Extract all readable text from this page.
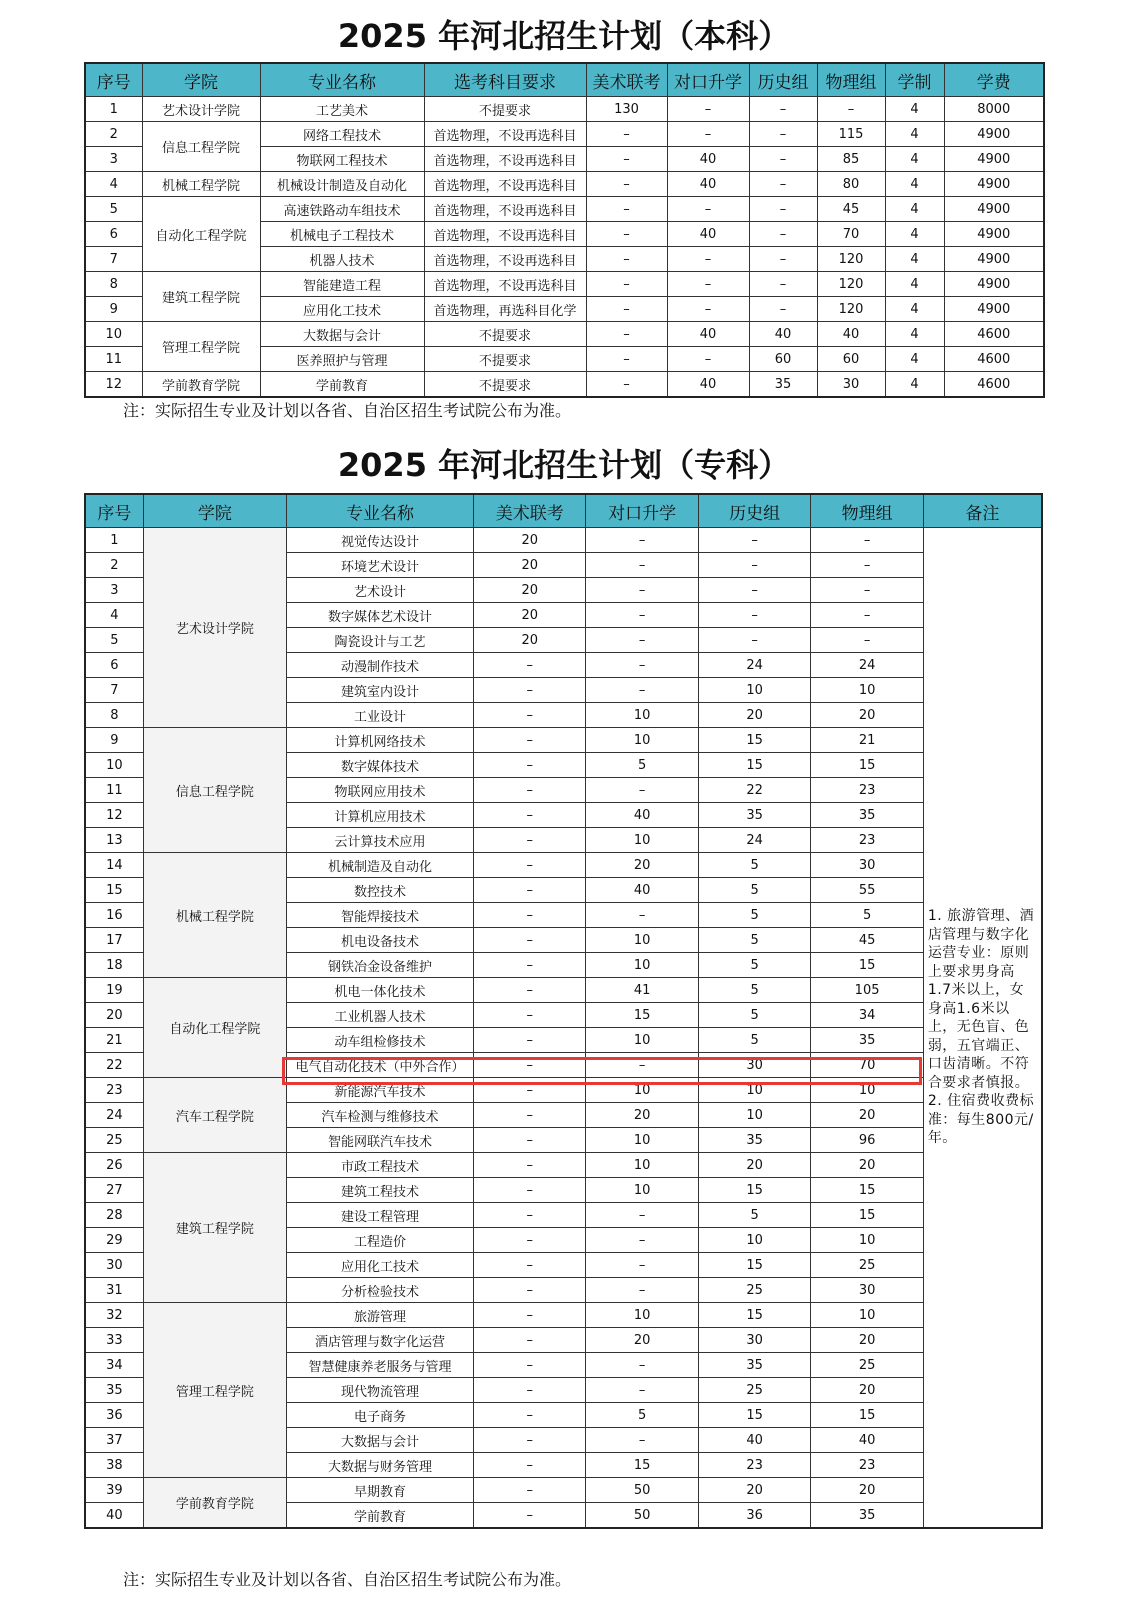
2025 年河北招生计划（本科）
序号	学院	专业名称	选考科目要求	美术联考	对口升学	历史组	物理组	学制	学费
1	艺术设计学院	工艺美术	不提要求	130	–	–	–	4	8000
2	信息工程学院	网络工程技术	首选物理，不设再选科目	–	–	–	115	4	4900
3		物联网工程技术	首选物理，不设再选科目	–	40	–	85	4	4900
4	机械工程学院	机械设计制造及自动化	首选物理，不设再选科目	–	40	–	80	4	4900
5	自动化工程学院	高速铁路动车组技术	首选物理，不设再选科目	–	–	–	45	4	4900
6		机械电子工程技术	首选物理，不设再选科目	–	40	–	70	4	4900
7		机器人技术	首选物理，不设再选科目	–	–	–	120	4	4900
8	建筑工程学院	智能建造工程	首选物理，不设再选科目	–	–	–	120	4	4900
9		应用化工技术	首选物理，再选科目化学	–	–	–	120	4	4900
10	管理工程学院	大数据与会计	不提要求	–	40	40	40	4	4600
11		医养照护与管理	不提要求	–	–	60	60	4	4600
12	学前教育学院	学前教育	不提要求	–	40	35	30	4	4600
注：实际招生专业及计划以各省、自治区招生考试院公布为准。
2025 年河北招生计划（专科）
序号	学院	专业名称	美术联考	对口升学	历史组	物理组	备注
1	艺术设计学院	视觉传达设计	20	–	–	–	1. 旅游管理、酒店管理与数字化运营专业：原则上要求男身高1.7米以上，女身高1.6米以上，无色盲、色弱，五官端正、口齿清晰。不符合要求者慎报。2. 住宿费收费标准：每生800元/年。
2		环境艺术设计	20	–	–	–	
3		艺术设计	20	–	–	–	
4		数字媒体艺术设计	20	–	–	–	
5		陶瓷设计与工艺	20	–	–	–	
6		动漫制作技术	–	–	24	24	
7		建筑室内设计	–	–	10	10	
8		工业设计	–	10	20	20	
9	信息工程学院	计算机网络技术	–	10	15	21	
10		数字媒体技术	–	5	15	15	
11		物联网应用技术	–	–	22	23	
12		计算机应用技术	–	40	35	35	
13		云计算技术应用	–	10	24	23	
14	机械工程学院	机械制造及自动化	–	20	5	30	
15		数控技术	–	40	5	55	
16		智能焊接技术	–	–	5	5	
17		机电设备技术	–	10	5	45	
18		钢铁冶金设备维护	–	10	5	15	
19	自动化工程学院	机电一体化技术	–	41	5	105	
20		工业机器人技术	–	15	5	34	
21		动车组检修技术	–	10	5	35	
22		电气自动化技术（中外合作）	–	–	30	70	
23	汽车工程学院	新能源汽车技术	–	10	10	10	
24		汽车检测与维修技术	–	20	10	20	
25		智能网联汽车技术	–	10	35	96	
26	建筑工程学院	市政工程技术	–	10	20	20	
27		建筑工程技术	–	10	15	15	
28		建设工程管理	–	–	5	15	
29		工程造价	–	–	10	10	
30		应用化工技术	–	–	15	25	
31		分析检验技术	–	–	25	30	
32	管理工程学院	旅游管理	–	10	15	10	
33		酒店管理与数字化运营	–	20	30	20	
34		智慧健康养老服务与管理	–	–	35	25	
35		现代物流管理	–	–	25	20	
36		电子商务	–	5	15	15	
37		大数据与会计	–	–	40	40	
38		大数据与财务管理	–	15	23	23	
39	学前教育学院	早期教育	–	50	20	20	
40		学前教育	–	50	36	35	
注：实际招生专业及计划以各省、自治区招生考试院公布为准。
